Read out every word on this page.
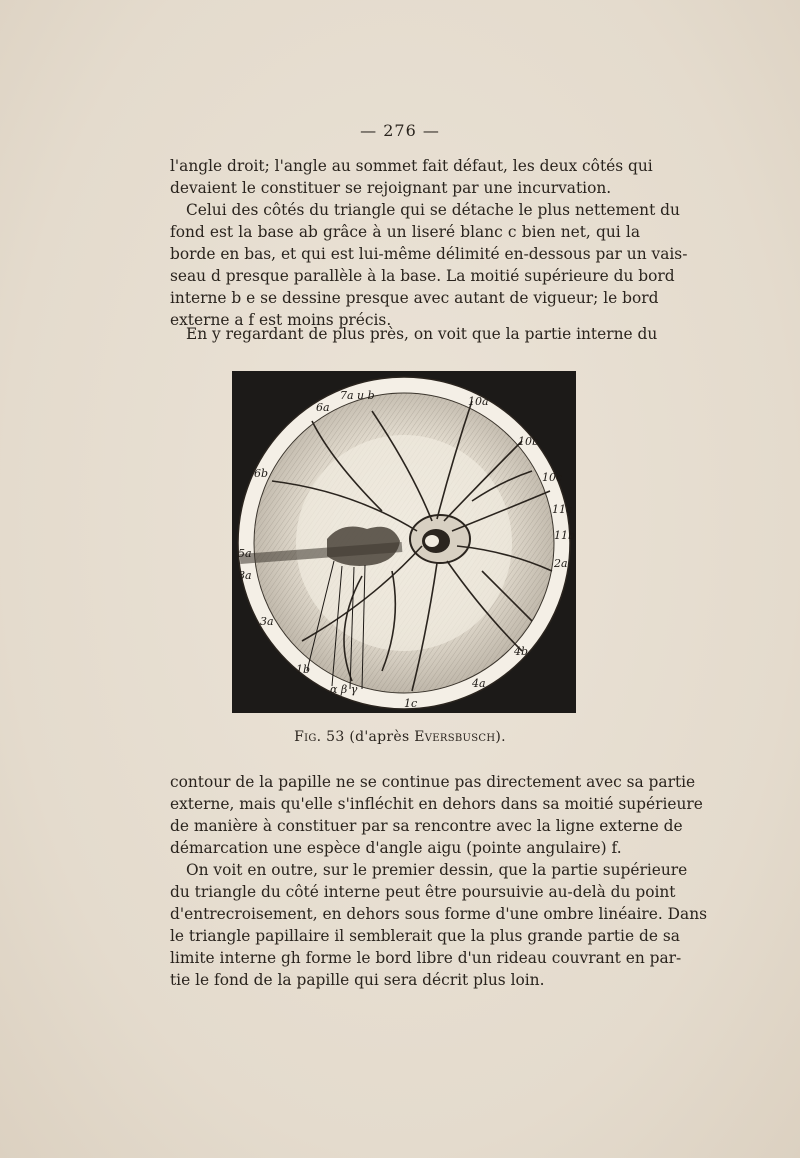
— 276 —
l'angle droit; l'angle au sommet fait défaut, les deux côtés qui
devaient le constituer se rejoignant par une incurvation.
Celui des côtés du triangle qui se détache le plus nettement du
fond est la base ab grâce à un liseré blanc c bien net, qui la
borde en bas, et qui est lui-même délimité en-dessous par un vais-
seau d presque parallèle à la base. La moitié supérieure du bord
interne b e se dessine presque avec autant de vigueur; le bord
externe a f est moins précis.
En y regardant de plus près, on voit que la partie interne du
7a u b
6a	10a
10b
10c
11a
11b
2a
6b
5a
8a
3a
1b
α β γ
1c
4a
4b
Fig. 53 (d'après Eversbusch).
contour de la papille ne se continue pas directement avec sa partie
externe, mais qu'elle s'infléchit en dehors dans sa moitié supérieure
de manière à constituer par sa rencontre avec la ligne externe de
démarcation une espèce d'angle aigu (pointe angulaire) f.
On voit en outre, sur le premier dessin, que la partie supérieure
du triangle du côté interne peut être poursuivie au-delà du point
d'entrecroisement, en dehors sous forme d'une ombre linéaire. Dans
le triangle papillaire il semblerait que la plus grande partie de sa
limite interne gh forme le bord libre d'un rideau couvrant en par-
tie le fond de la papille qui sera décrit plus loin.
